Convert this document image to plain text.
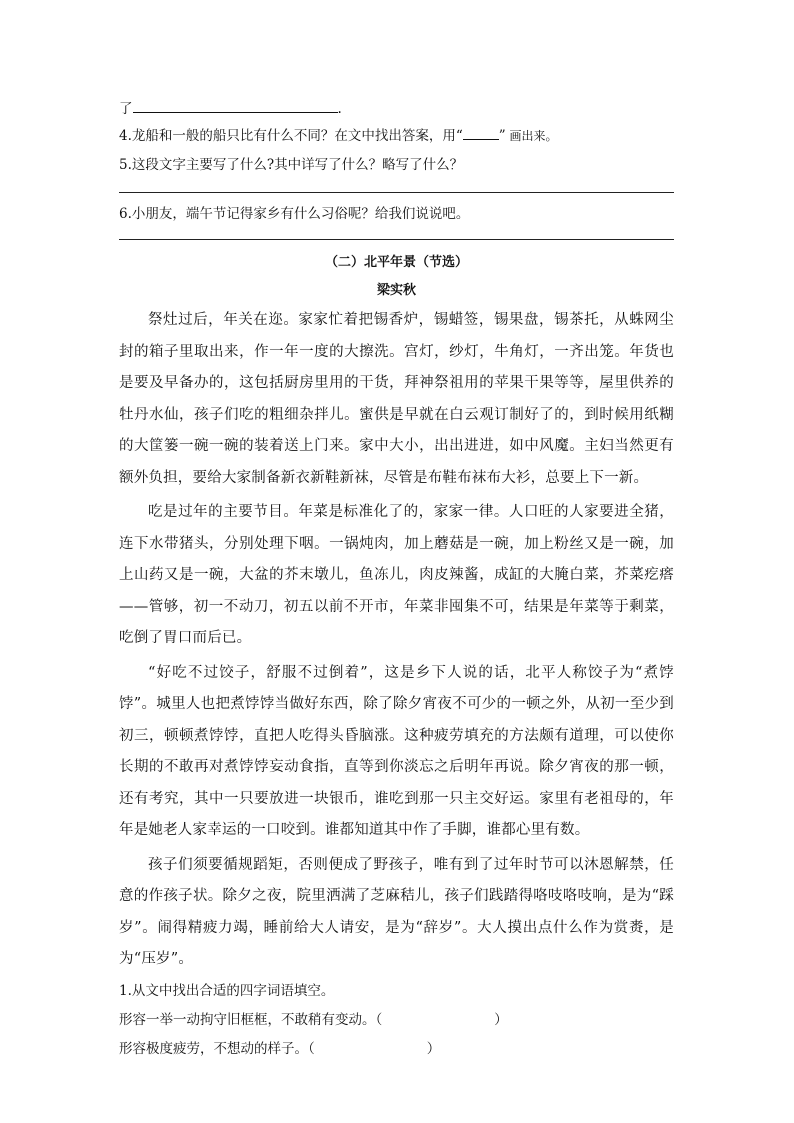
了	.
4.龙船和一般的船只比有什么不同？在文中找出答案，用“	” 画出来。
5.这段文字主要写了什么?其中详写了什么？略写了什么？
6.小朋友，端午节记得家乡有什么习俗呢？给我们说说吧。
（二）北平年景（节选）
梁实秋

祭灶过后，年关在迩。家家忙着把锡香炉，锡蜡签，锡果盘，锡茶托，从蛛网尘封的箱子里取出来，作一年一度的大擦洗。宫灯，纱灯，牛角灯，一齐出笼。年货也是要及早备办的，这包括厨房里用的干货，拜神祭祖用的苹果干果等等，屋里供养的牡丹水仙，孩子们吃的粗细杂拌儿。蜜供是早就在白云观订制好了的，到时候用纸糊的大筐篓一碗一碗的装着送上门来。家中大小，出出进进，如中风魔。主妇当然更有额外负担，要给大家制备新衣新鞋新袜，尽管是布鞋布袜布大衫，总要上下一新。

吃是过年的主要节目。年菜是标准化了的，家家一律。人口旺的人家要进全猪，连下水带猪头，分别处理下咽。一锅炖肉，加上蘑菇是一碗，加上粉丝又是一碗，加上山药又是一碗，大盆的芥末墩儿，鱼冻儿，肉皮辣酱，成缸的大腌白菜，芥菜疙瘩——管够，初一不动刀，初五以前不开市，年菜非囤集不可，结果是年菜等于剩菜，吃倒了胃口而后已。

“好吃不过饺子，舒服不过倒着”，这是乡下人说的话，北平人称饺子为“煮饽饽”。城里人也把煮饽饽当做好东西，除了除夕宵夜不可少的一顿之外，从初一至少到初三，顿顿煮饽饽，直把人吃得头昏脑涨。这种疲劳填充的方法颇有道理，可以使你长期的不敢再对煮饽饽妄动食指，直等到你淡忘之后明年再说。除夕宵夜的那一顿，还有考究，其中一只要放进一块银币，谁吃到那一只主交好运。家里有老祖母的，年年是她老人家幸运的一口咬到。谁都知道其中作了手脚，谁都心里有数。

孩子们须要循规蹈矩，否则便成了野孩子，唯有到了过年时节可以沐恩解禁，任意的作孩子状。除夕之夜，院里洒满了芝麻秸儿，孩子们践踏得咯吱咯吱响，是为“踩岁”。闹得精疲力竭，睡前给大人请安，是为“辞岁”。大人摸出点什么作为赏赉，是为“压岁”。

1.从文中找出合适的四字词语填空。
形容一举一动拘守旧框框，不敢稍有变动。（	）
形容极度疲劳，不想动的样子。（	）
